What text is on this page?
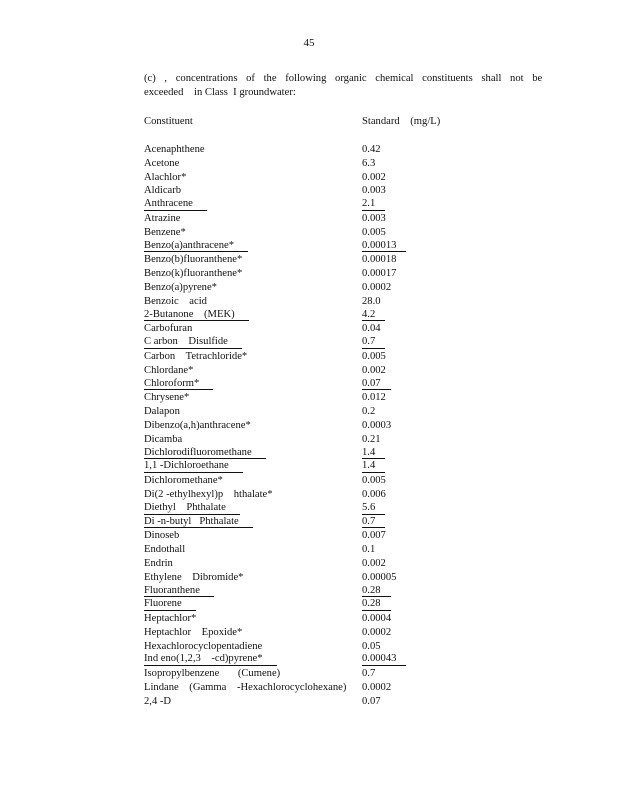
45
(c) , concentrations of the following organic chemical constituents shall not be
exceeded    in Class  I groundwater:
Constituent	Standard    (mg/L)
Acenaphthene	0.42
Acetone	6.3
Alachlor*	0.002
Aldicarb	0.003
Anthracene	2.1
Atrazine	0.003
Benzene*	0.005
Benzo(a)anthracene*	0.00013
Benzo(b)fluoranthene*	0.00018
Benzo(k)fluoranthene*	0.00017
Benzo(a)pyrene*	0.0002
Benzoic    acid	28.0
2-Butanone    (MEK)	4.2
Carbofuran	0.04
C arbon    Disulfide	0.7
Carbon    Tetrachloride*	0.005
Chlordane*	0.002
Chloroform*	0.07
Chrysene*	0.012
Dalapon	0.2
Dibenzo(a,h)anthracene*	0.0003
Dicamba	0.21
Dichlorodifluoromethane	1.4
1,1 -Dichloroethane	1.4
Dichloromethane*	0.005
Di(2 -ethylhexyl)p    hthalate*	0.006
Diethyl    Phthalate	5.6
Di -n-butyl   Phthalate	0.7
Dinoseb	0.007
Endothall	0.1
Endrin	0.002
Ethylene    Dibromide*	0.00005
Fluoranthene	0.28
Fluorene	0.28
Heptachlor*	0.0004
Heptachlor    Epoxide*	0.0002
Hexachlorocyclopentadiene	0.05
Ind eno(1,2,3    -cd)pyrene*	0.00043
Isopropylbenzene       (Cumene)	0.7
Lindane    (Gamma    -Hexachlorocyclohexane) 0.0002
2,4 -D	0.07
